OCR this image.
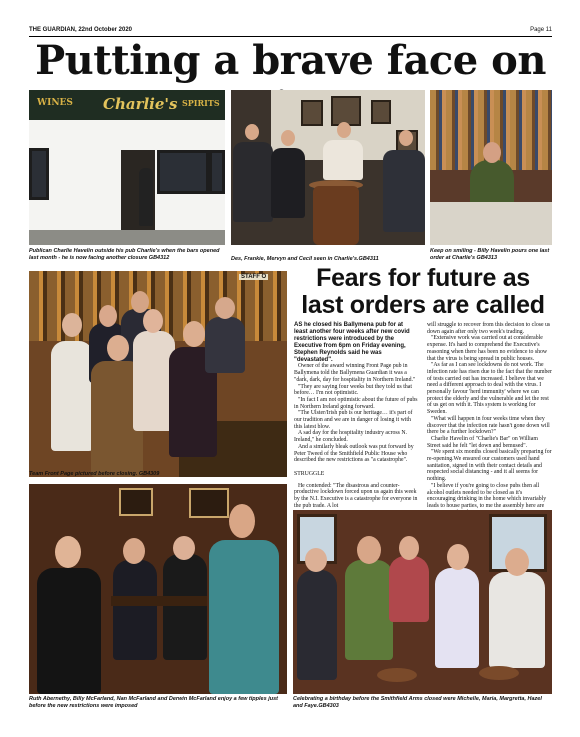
THE GUARDIAN, 22nd October 2020	Page 11
Putting a brave face on
WINES Charlie's SPIRITS
Publican Charlie Havelin outside his pub Charlie's when the bars opened last month - he is now facing another closure GB4312	Des, Frankie, Mervyn and Cecil seen in Charlie's.GB4311
Keep on smiling - Billy Havelin pours one last order at Charlie's GB4313
STAFF O
Team Front Page pictured before closing. GB4309
Fears for future as last orders are called

AS he closed his Ballymena pub for at least another four weeks after new covid restrictions were introduced by the Executive from 6pm on Friday evening, Stephen Reynolds said he was "devastated".

Owner of the award winning Front Page pub in Ballymena told the Ballymena Guardian it was a "dark, dark, day for hospitality in Northern Ireland."

"They are saying four weeks but they told us that before… I'm not optimistic.

"In fact I am not optimistic about the future of pubs in Northern Ireland going forward.

"The Ulster/Irish pub is our heritage… it's part of our tradition and we are in danger of losing it with this latest blow.

A sad day for the hospitality industry across N. Ireland," he concluded.

And a similarly bleak outlook was put forward by Peter Tweed of the Smithfield Public House who described the new restrictions as "a catastrophe".

STRUGGLE

He contended: "The disastrous and counter-productive lockdown forced upon us again this week by the N.I. Executive is a catastrophe for everyone in the pub trade. A lot

will struggle to recover from this decision to close us down again after only two week's trading.

"Extensive work was carried out at considerable expense. It's hard to comprehend the Executive's reasoning when there has been no evidence to show that the virus is being spread in public houses.

"As far as I can see lockdowns do not work. The infection rate has risen due to the fact that the number of tests carried out has increased. I believe that we need a different approach to deal with the virus. I personally favour 'herd immunity' where we can protect the elderly and the vulnerable and let the rest of us get on with it. This system is working for Sweden.

"What will happen in four weeks time when they discover that the infection rate hasn't gone down will there be a further lockdown?"

Charlie Havelin of "Charlie's Bar" on William Street said he felt "let down and bemused".

"We spent six months closed basically preparing for re-opening.We ensured our customers used hand sanitation, signed in with their contact details and respected social distancing - and it all seems for nothing.

"I believe if you're going to close pubs then all alcohol outlets needed to be closed as it's encouraging drinking in the home which invariably leads to house parties, to me the assembly here are

Ruth Abernethy, Billy McFarland, Nan McFarland and Derwin McFarland enjoy a few tipples just before the new restrictions were imposed
Celebrating a birthday before the Smithfield Arms closed were Michelle, Maria, Margretta, Hazel and Faye.GB4303
